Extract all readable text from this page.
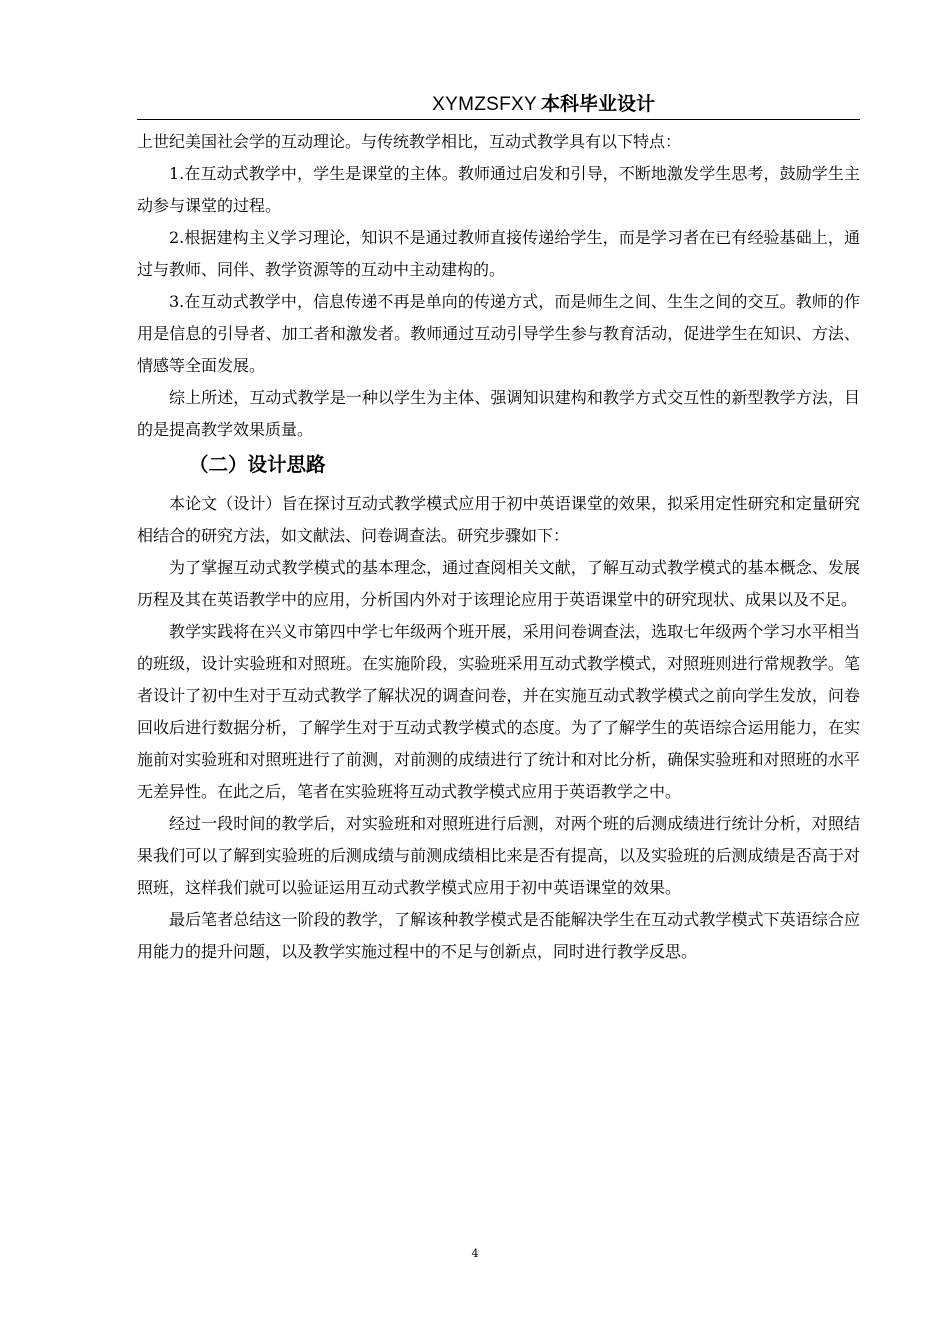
XYMZSFXY 本科毕业设计

上世纪美国社会学的互动理论。与传统教学相比，互动式教学具有以下特点：

1.在互动式教学中，学生是课堂的主体。教师通过启发和引导，不断地激发学生思考，鼓励学生主动参与课堂的过程。

2.根据建构主义学习理论，知识不是通过教师直接传递给学生，而是学习者在已有经验基础上，通过与教师、同伴、教学资源等的互动中主动建构的。

3.在互动式教学中，信息传递不再是单向的传递方式，而是师生之间、生生之间的交互。教师的作用是信息的引导者、加工者和激发者。教师通过互动引导学生参与教育活动，促进学生在知识、方法、情感等全面发展。

综上所述，互动式教学是一种以学生为主体、强调知识建构和教学方式交互性的新型教学方法，目的是提高教学效果质量。

（二）设计思路

本论文（设计）旨在探讨互动式教学模式应用于初中英语课堂的效果，拟采用定性研究和定量研究相结合的研究方法，如文献法、问卷调查法。研究步骤如下：

为了掌握互动式教学模式的基本理念，通过查阅相关文献，了解互动式教学模式的基本概念、发展历程及其在英语教学中的应用，分析国内外对于该理论应用于英语课堂中的研究现状、成果以及不足。

教学实践将在兴义市第四中学七年级两个班开展，采用问卷调查法，选取七年级两个学习水平相当的班级，设计实验班和对照班。在实施阶段，实验班采用互动式教学模式，对照班则进行常规教学。笔者设计了初中生对于互动式教学了解状况的调查问卷，并在实施互动式教学模式之前向学生发放，问卷回收后进行数据分析，了解学生对于互动式教学模式的态度。为了了解学生的英语综合运用能力，在实施前对实验班和对照班进行了前测，对前测的成绩进行了统计和对比分析，确保实验班和对照班的水平无差异性。在此之后，笔者在实验班将互动式教学模式应用于英语教学之中。

经过一段时间的教学后，对实验班和对照班进行后测，对两个班的后测成绩进行统计分析，对照结果我们可以了解到实验班的后测成绩与前测成绩相比来是否有提高，以及实验班的后测成绩是否高于对照班，这样我们就可以验证运用互动式教学模式应用于初中英语课堂的效果。

最后笔者总结这一阶段的教学，了解该种教学模式是否能解决学生在互动式教学模式下英语综合应用能力的提升问题，以及教学实施过程中的不足与创新点，同时进行教学反思。

4
